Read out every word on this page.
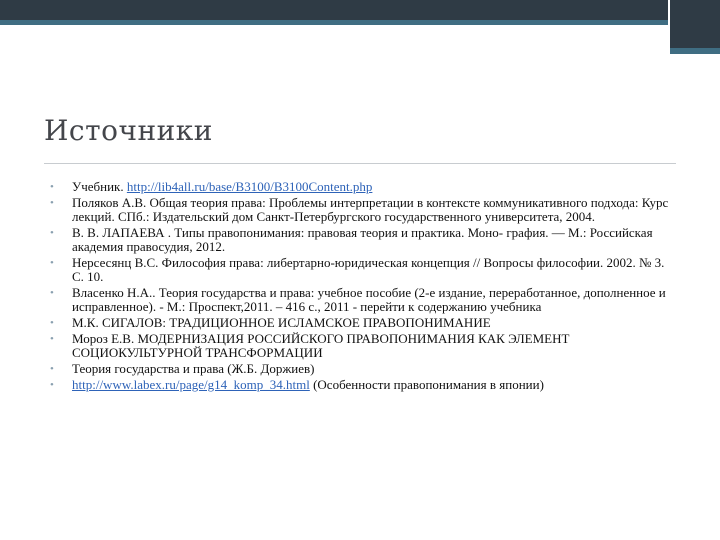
Источники
• Учебник. http://lib4all.ru/base/B3100/B3100Content.php
• Поляков А.В. Общая теория права: Проблемы интерпретации в контексте коммуникативного подхода: Курс лекций. СПб.: Издательский дом Санкт-Петербургского государственного университета, 2004.
• В. В. ЛАПАЕВА . Типы правопонимания: правовая теория и практика. Моно- графия. — М.: Российская академия правосудия, 2012.
• Нерсесянц В.С. Философия права: либертарно-юридическая концепция // Вопросы философии. 2002. № 3. С. 10.
• Власенко Н.А.. Теория государства и права: учебное пособие (2-е издание, переработанное, дополненное и исправленное). - М.: Проспект,2011. – 416 с., 2011 - перейти к содержанию учебника
• М.К. СИГАЛОВ: ТРАДИЦИОННОЕ ИСЛАМСКОЕ ПРАВОПОНИМАНИЕ
• Мороз Е.В. МОДЕРНИЗАЦИЯ РОССИЙСКОГО ПРАВОПОНИМАНИЯ КАК ЭЛЕМЕНТ СОЦИОКУЛЬТУРНОЙ ТРАНСФОРМАЦИИ
• Теория государства и права (Ж.Б. Доржиев)
• http://www.labex.ru/page/g14_komp_34.html (Особенности правопонимания в японии)
